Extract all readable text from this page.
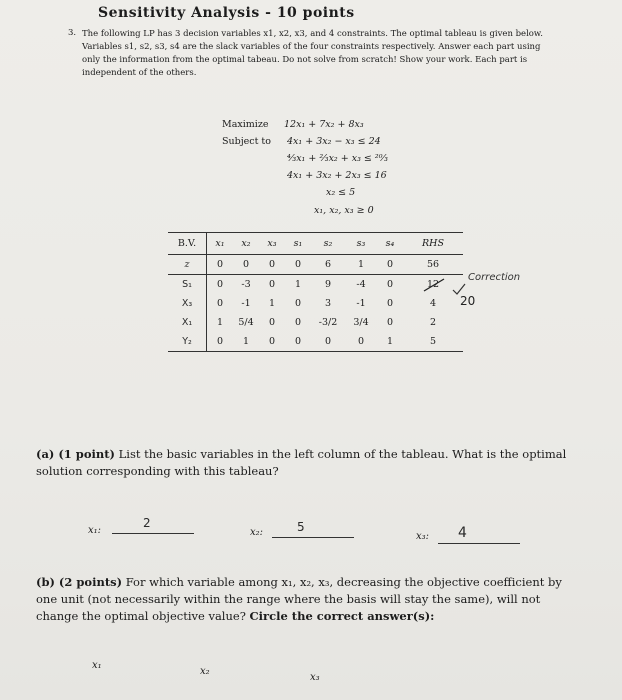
Sensitivity Analysis - 10 points
3. The following LP has 3 decision variables x1, x2, x3, and 4 constraints. The optimal tableau is given below. Variables s1, s2, s3, s4 are the slack variables of the four constraints respectively. Answer each part using only the information from the optimal tabeau. Do not solve from scratch! Show your work. Each part is independent of the others.
Maximize
Subject to
12x₁ + 7x₂ + 8x₃
4x₁ + 3x₂ − x₃ ≤ 24
⁴⁄₃x₁ + ²⁄₃x₂ + x₃ ≤ ²⁰⁄₃
4x₁ + 3x₂ + 2x₃ ≤ 16
x₂ ≤ 5
x₁, x₂, x₃ ≥ 0
B.V.	x₁	x₂	x₃	s₁	s₂	s₃	s₄	RHS
z	0	0	0	0	6	1	0	56
S₁	0	-3	0	1	9	-4	0	12

X₃	0	-1	1	0	3	-1	0	4
X₁	1	5/4	0	0	-3/2	3/4	0	2
Y₂	0	1	0	0	0	0	1	5
Correction
20
(a) (1 point) List the basic variables in the left column of the tableau. What is the optimal solution corresponding with this tableau?
x₁:
2
x₂:	5
x₃: 4
(b) (2 points) For which variable among x₁, x₂, x₃, decreasing the objective coefficient by one unit (not necessarily within the range where the basis will stay the same), will not change the optimal objective value? Circle the correct answer(s):
x₁
x₂
x₃
